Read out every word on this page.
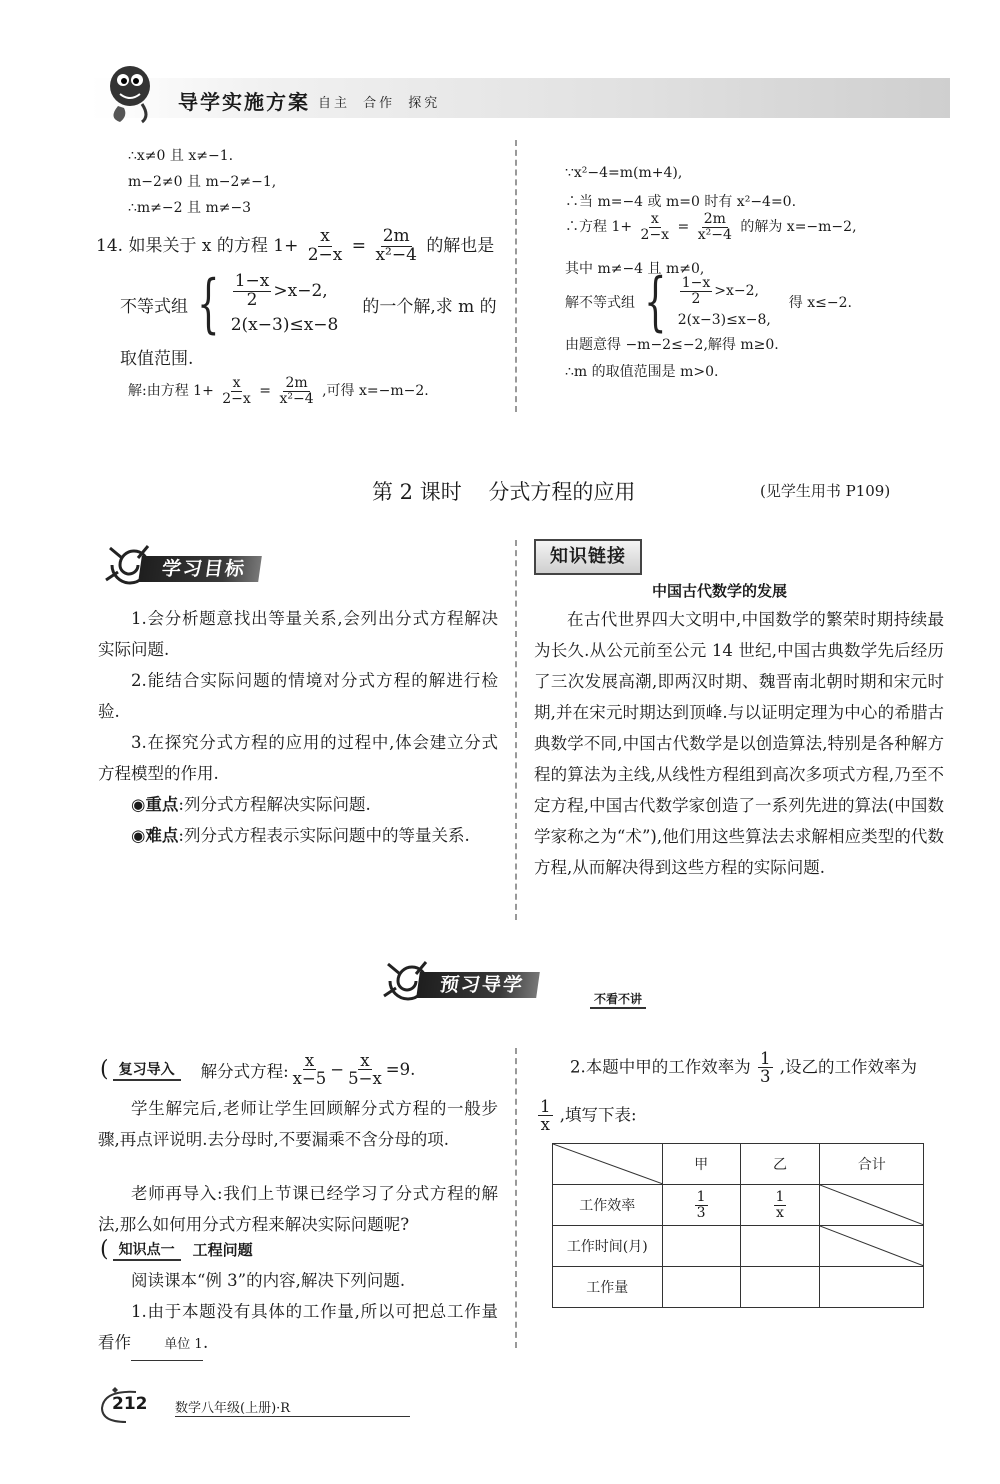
导学实施方案 自主 合作 探究
∴x≠0 且 x≠−1.
m−2≠0 且 m−2≠−1,
∴m≠−2 且 m≠−3
14. 如果关于 x 的方程 $1+ \frac{x}{2-x} = \frac{2m}{\text{x²−4}}$ 的解也是
不等式组 { $\frac{1-x}{2} >x-2$,
2(x−3)≤x−8
的一个解,求 m 的
取值范围.
解:由方程 $1+ \frac{x}{2-x} = \frac{2m}{\text{x²−4}}$ ,可得 x=−m−2.
∵x²−4=m(m+4),
∴当 m=−4 或 m=0 时有 x²−4=0.
∴方程 $1+ \frac{x}{2-x} = \frac{2m}{\text{x²−4}}$ 的解为 x=−m−2,
其中 m≠−4 且 m≠0,
解不等式组 { $\frac{1-x}{2} >x-2$,
2(x−3)≤x−8,
得 x≤−2.
由题意得 −m−2≤−2,解得 m≥0.
∴m 的取值范围是 m>0.
第 2 课时    分式方程的应用	(见学生用书 P109)
学习目标
1.会分析题意找出等量关系,会列出分式方程解决实际问题.
2.能结合实际问题的情境对分式方程的解进行检验.
3.在探究分式方程的应用的过程中,体会建立分式方程模型的作用.
◉重点:列分式方程解决实际问题.
◉难点:列分式方程表示实际问题中的等量关系.
知识链接
中国古代数学的发展
在古代世界四大文明中,中国数学的繁荣时期持续最为长久.从公元前至公元 14 世纪,中国古典数学先后经历了三次发展高潮,即两汉时期、魏晋南北朝时期和宋元时期,并在宋元时期达到顶峰.与以证明定理为中心的希腊古典数学不同,中国古代数学是以创造算法,特别是各种解方程的算法为主线,从线性方程组到高次多项式方程,乃至不定方程,中国古代数学家创造了一系列先进的算法(中国数学家称之为“术”),他们用这些算法去求解相应类型的代数方程,从而解决得到这些方程的实际问题.
预习导学
不看不讲
( 复习导入	解分式方程: $\frac{x}{x-5} - \frac{x}{5-x} =9$.
学生解完后,老师让学生回顾解分式方程的一般步骤,再点评说明.去分母时,不要漏乘不含分母的项.
老师再导入:我们上节课已经学习了分式方程的解法,那么如何用分式方程来解决实际问题呢?
( 知识点一	工程问题
阅读课本“例 3”的内容,解决下列问题.
1.由于本题没有具体的工作量,所以可把总工作量看作	单位 1.
2.本题中甲的工作效率为 $\frac{1}{3}$ ,设乙的工作效率为
$\frac{1}{x}$ ,填写下表:
	甲	乙	合计
工作效率	$\frac{1}{3}$	$\frac{1}{x}$

工作时间(月)			

工作量			
212 数学八年级(上册)·R
